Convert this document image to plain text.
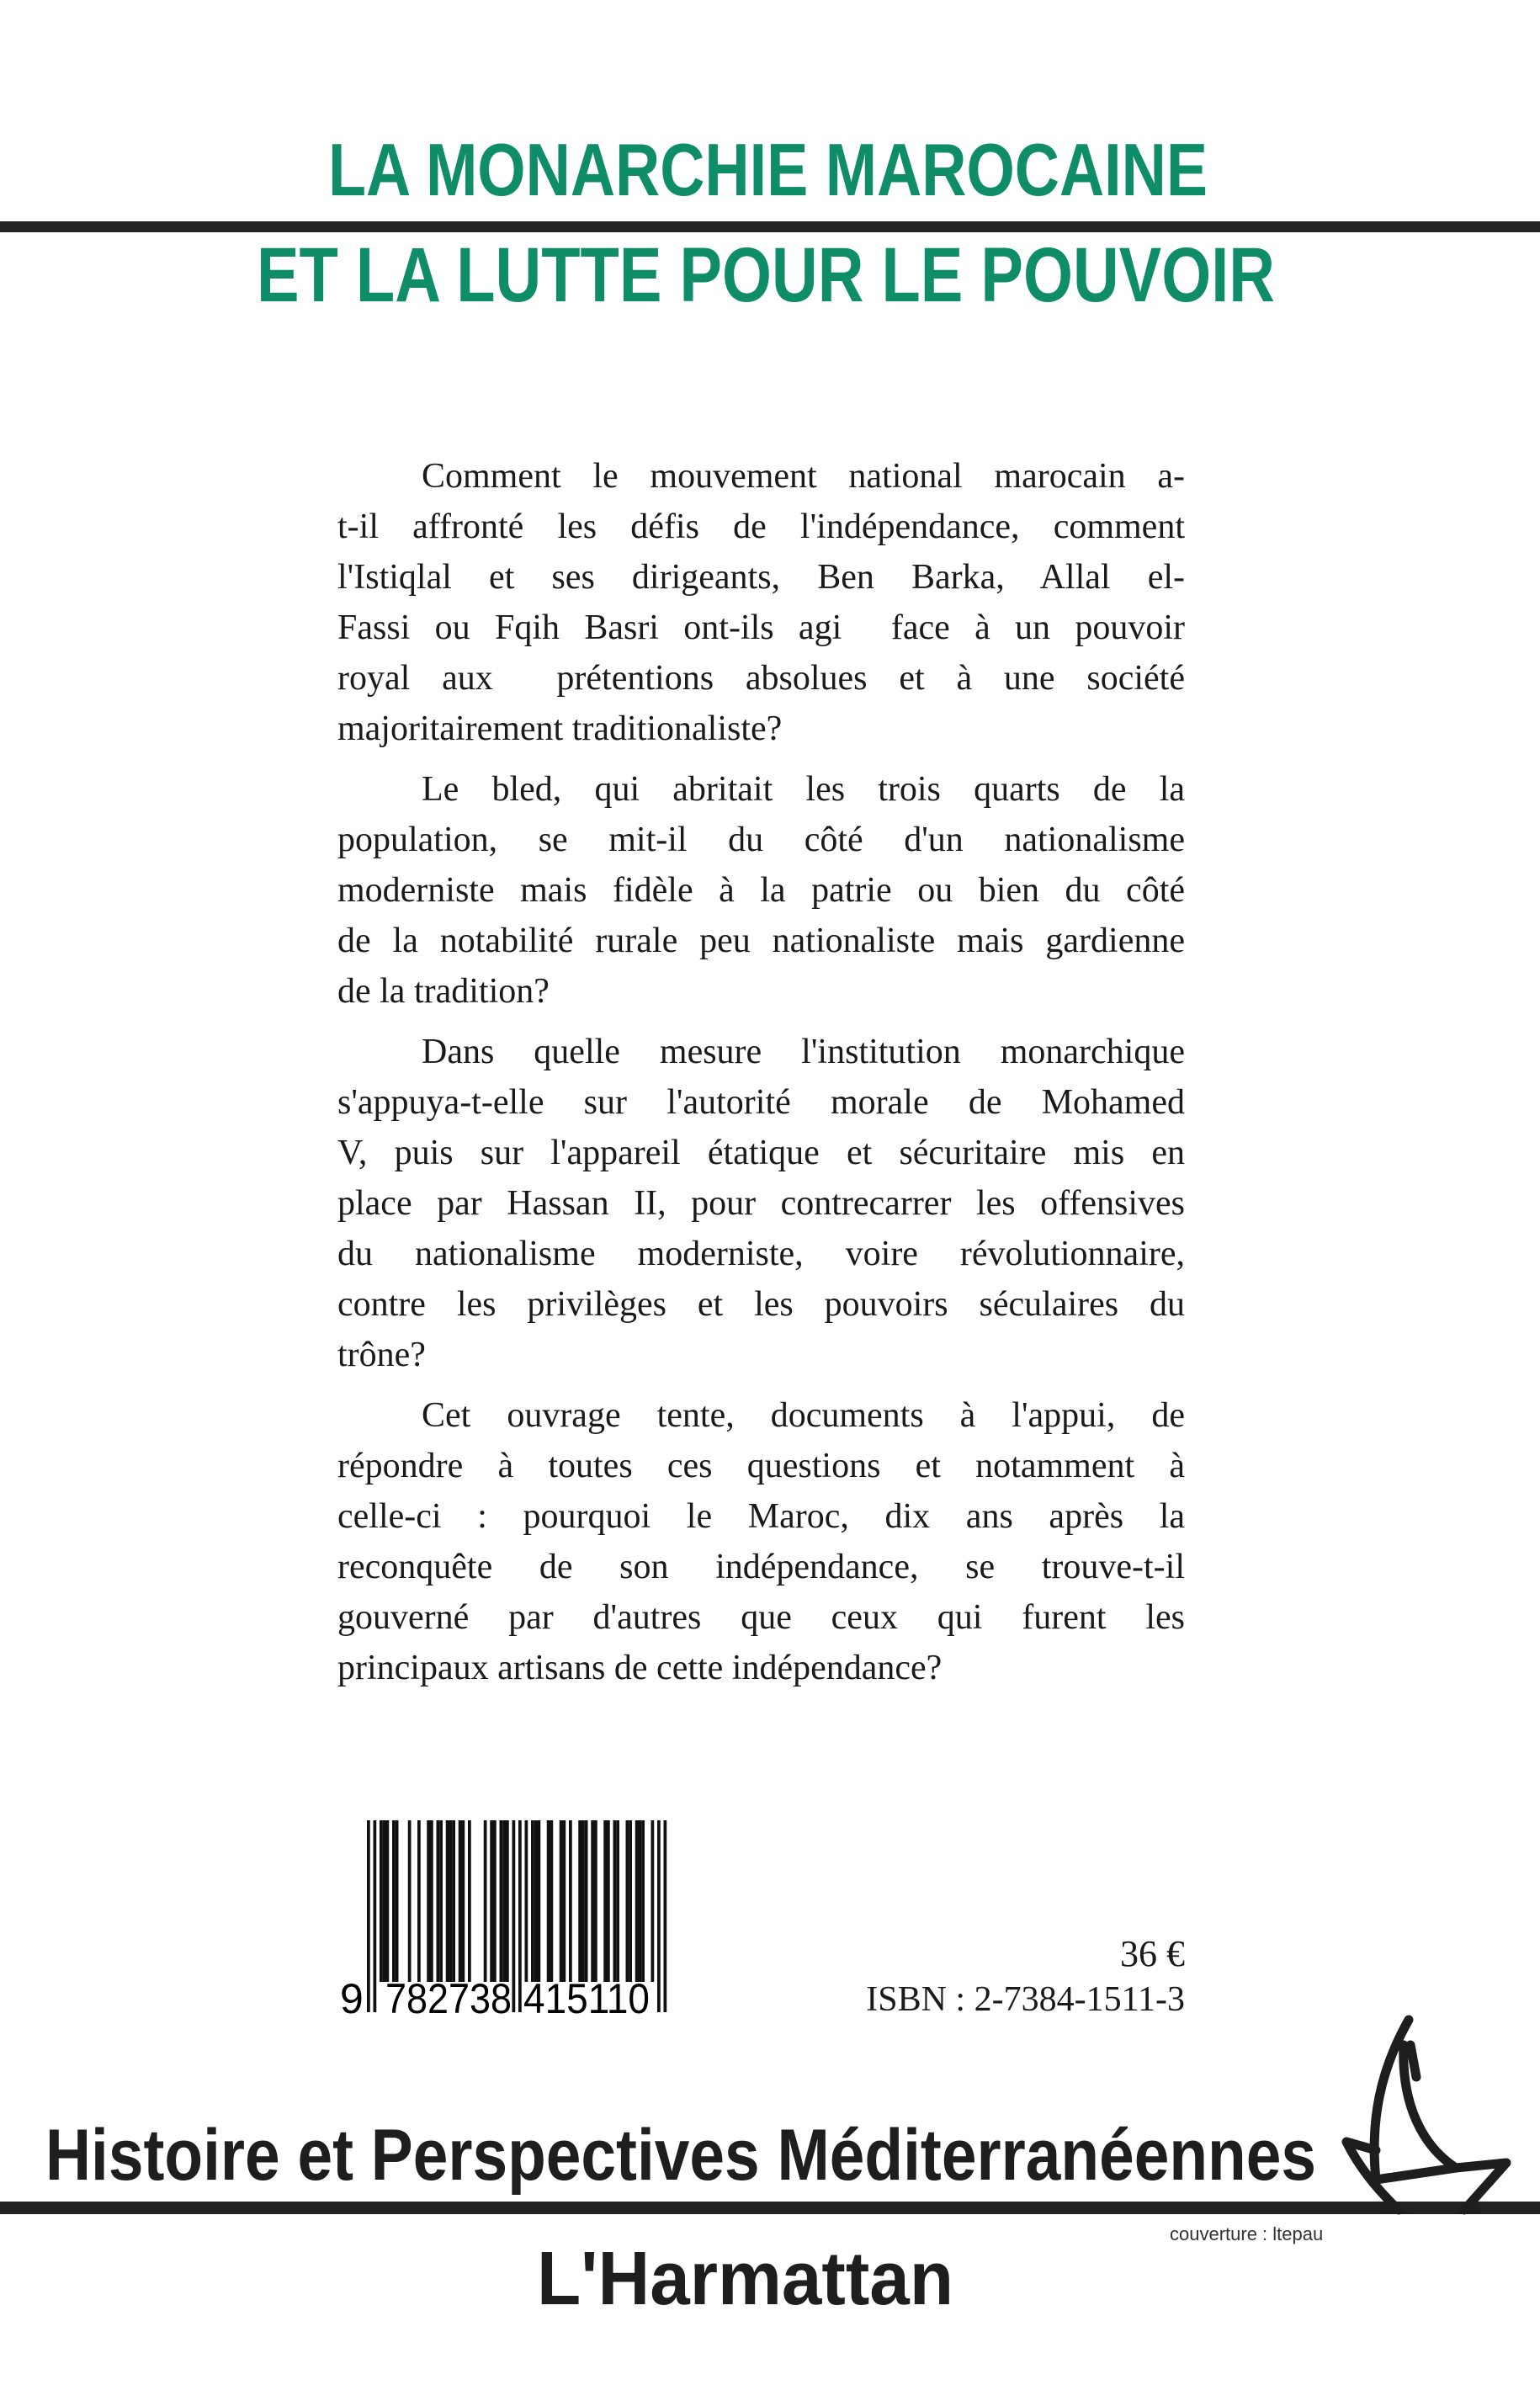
LA MONARCHIE MAROCAINE
ET LA LUTTE POUR LE POUVOIR
Comment le mouvement national marocain a-
t-il affronté les défis de l'indépendance, comment
l'Istiqlal et ses dirigeants, Ben Barka, Allal el-
Fassi ou Fqih Basri ont-ils agi  face à un pouvoir
royal aux  prétentions absolues et à une société
majoritairement traditionaliste?
Le bled, qui abritait les trois quarts de la
population, se mit-il du côté d'un nationalisme
moderniste mais fidèle à la patrie ou bien du côté
de la notabilité rurale peu nationaliste mais gardienne
de la tradition?
Dans quelle mesure l'institution monarchique
s'appuya-t-elle sur l'autorité morale de Mohamed
V, puis sur l'appareil étatique et sécuritaire mis en
place par Hassan II, pour contrecarrer les offensives
du nationalisme moderniste, voire révolutionnaire,
contre les privilèges et les pouvoirs séculaires du
trône?
Cet ouvrage tente, documents à l'appui, de
répondre à toutes ces questions et notamment à
celle-ci : pourquoi le Maroc, dix ans après la
reconquête de son indépendance, se trouve-t-il
gouverné par d'autres que ceux qui furent les
principaux artisans de cette indépendance?
9 782738 415110
36 €
ISBN : 2-7384-1511-3
Histoire et Perspectives Méditerranéennes
couverture : ltepau
L'Harmattan
